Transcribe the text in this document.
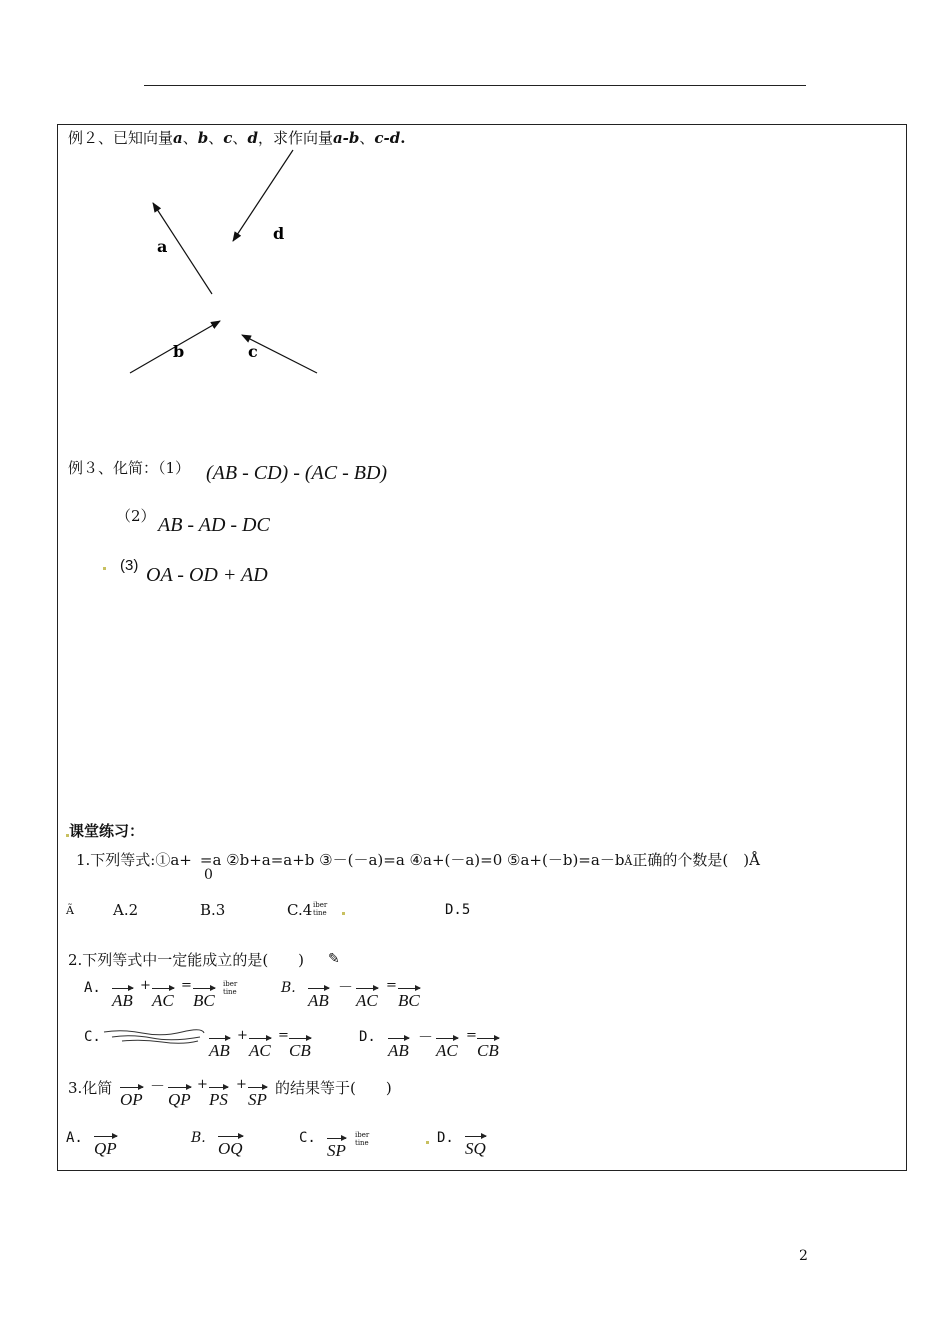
例２、已知向量a、b、c、d，求作向量a-b、c-d.
a
d
b	c
例３、化简：（1） (AB - CD) - (AC - BD)
（2） AB - AD - DC
(3) OA - OD + AD
课堂练习：
1.下列等式:①a+ =a ②b+a=a+b ③－(－a)=a ④a+(－a)=0 ⑤a+(－b)=a－bÅ正确的个数是(　)Å
0
Ã	A.2	B.3	C.4 iber tine	D.5
2.下列等式中一定能成立的是(　　) ✎
A.
AB
+
AC
=
BC
iber tine	B.
AB
－
AC
=
BC
C.
AB
+
AC
=
CB
D.
AB
－
AC
=
CB
3.化简
OP
－
QP
+
PS
+
SP
的结果等于(　　)
A.
QP
B.
OQ
C.
SP
iber tine	D.
SQ
2
